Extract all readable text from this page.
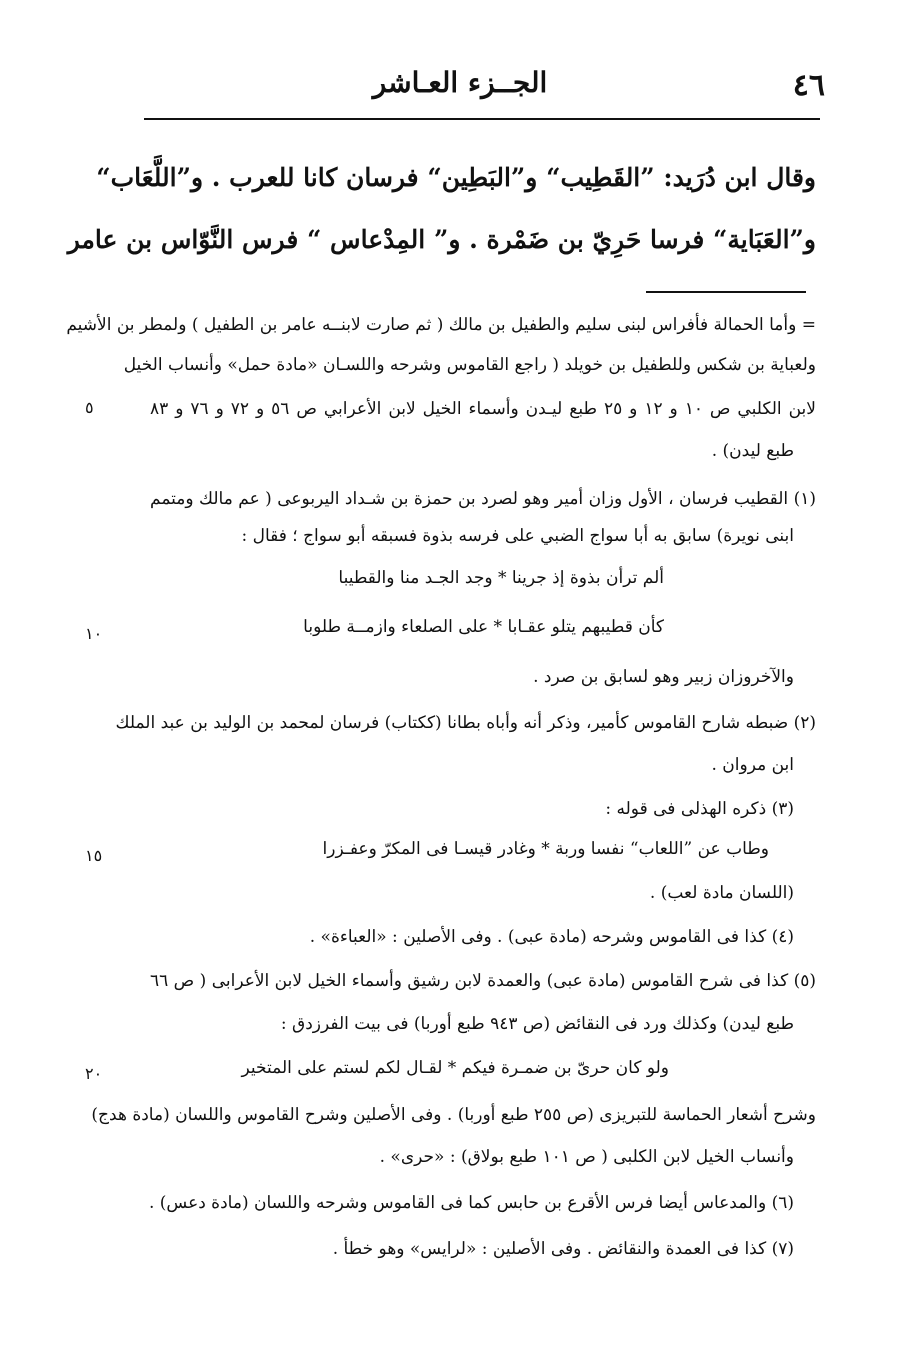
٤٦
الجــزء العـاشر
وقال ابن دُرَيد: ”القَطِيب“ و”البَطِين“ فرسان كانا للعرب . و”اللَّعَاب“
و”العَبَاية“ فرسا حَرِيّ بن ضَمْرة . و” المِدْعاس “ فرس النَّوّاس بن عامر
= وأما الحمالة فأفراس لبنى سليم والطفيل بن مالك ( ثم صارت لابنــه عامر بن الطفيل ) ولمطر بن الأشيم
ولعباية بن شكس وللطفيل بن خويلد ( راجع القاموس وشرحه واللسـان «مادة حمل» وأنساب الخيل
لابن الكلبي ص ١٠ و ١٢ و ٢٥ طبع ليـدن وأسماء الخيل لابن الأعرابي ص ٥٦ و ٧٢ و ٧٦ و ٨٣
طبع ليدن) .
(١) القطيب فرسان ، الأول وزان أمير وهو لصرد بن حمزة بن شـداد اليربوعى ( عم مالك ومتمم
ابنى نويرة) سابق به أبا سواج الضبي على فرسه بذوة فسبقه أبو سواج ؛ فقال :
ألم ترأن بذوة إذ جرينا * وجد الجـد منا والقطيبا
كأن قطيبهم يتلو عقـابا * على الصلعاء وازمــة طلوبا
والآخروزان زبير وهو لسابق بن صرد .
(٢) ضبطه شارح القاموس كأمير، وذكر أنه وأباه بطانا (ككتاب) فرسان لمحمد بن الوليد بن عبد الملك
ابن مروان .
(٣) ذكره الهذلى فى قوله :
وطاب عن ”اللعاب“ نفسا وربة * وغادر قيسـا فى المكرّ وعفـزرا
(اللسان مادة لعب) .
(٤) كذا فى القاموس وشرحه (مادة عبى) . وفى الأصلين : «العباءة» .
(٥) كذا فى شرح القاموس (مادة عبى) والعمدة لابن رشيق وأسماء الخيل لابن الأعرابى ( ص ٦٦
طبع ليدن) وكذلك ورد فى النقائض (ص ٩٤٣ طبع أوربا) فى بيت الفرزدق :
ولو كان حرىّ بن ضمـرة فيكم * لقـال لكم لستم على المتخير
وشرح أشعار الحماسة للتبريزى (ص ٢٥٥ طبع أوربا) . وفى الأصلين وشرح القاموس واللسان (مادة هدج)
وأنساب الخيل لابن الكلبى ( ص ١٠١ طبع بولاق) : «حرى» .
(٦) والمدعاس أيضا فرس الأقرع بن حابس كما فى القاموس وشرحه واللسان (مادة دعس) .
(٧) كذا فى العمدة والنقائض . وفى الأصلين : «لرايس» وهو خطأ .
٥
١٠
١٥
٢٠
